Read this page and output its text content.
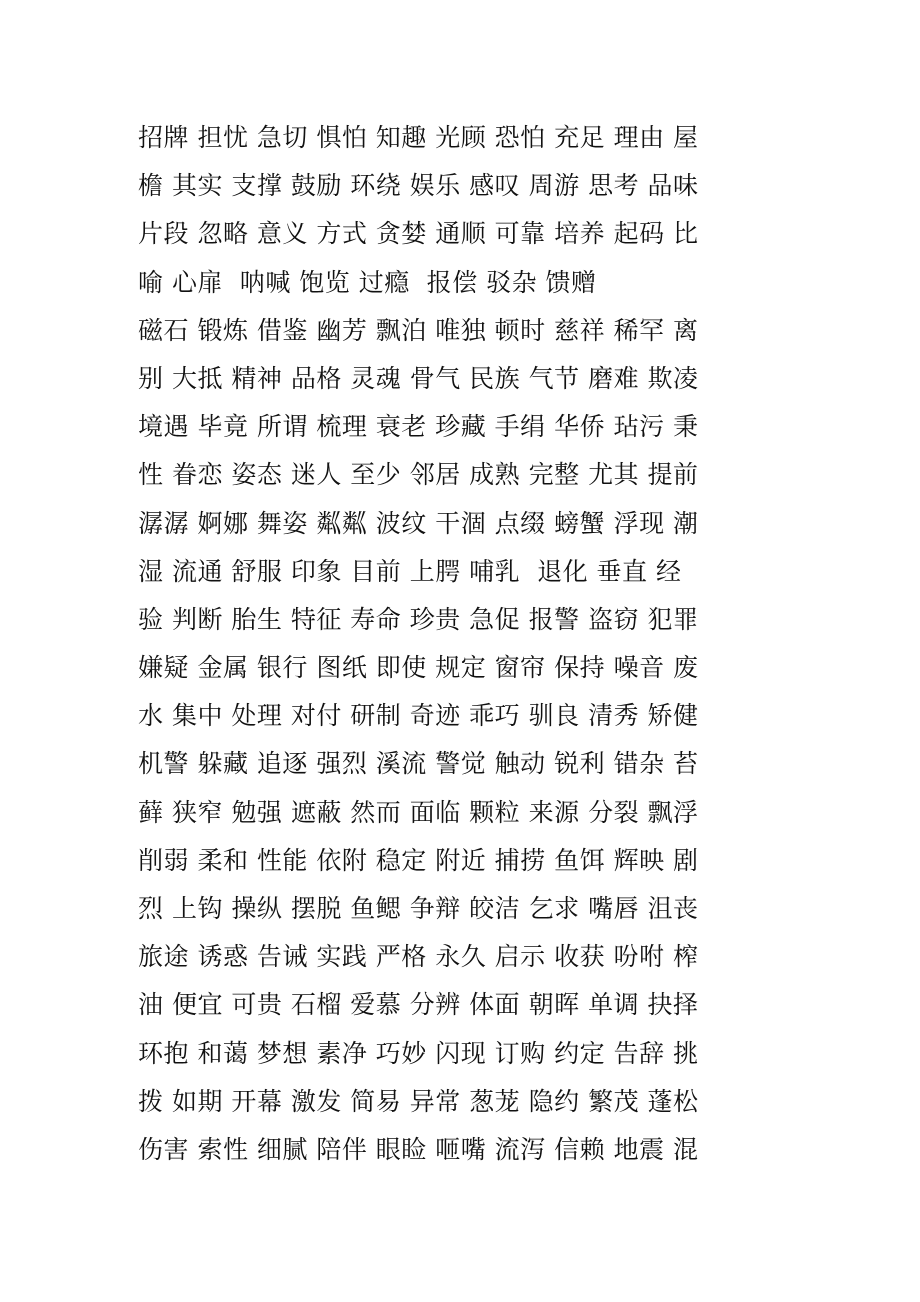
招牌 担忧 急切 惧怕 知趣 光顾 恐怕 充足 理由 屋
檐 其实 支撑 鼓励 环绕 娱乐 感叹 周游 思考 品味
片段 忽略 意义 方式 贪婪 通顺 可靠 培养 起码 比
喻 心扉  呐喊 饱览 过瘾  报偿 驳杂 馈赠
磁石 锻炼 借鉴 幽芳 飘泊 唯独 顿时 慈祥 稀罕 离
别 大抵 精神 品格 灵魂 骨气 民族 气节 磨难 欺凌
境遇 毕竟 所谓 梳理 衰老 珍藏 手绢 华侨 玷污 秉
性 眷恋 姿态 迷人 至少 邻居 成熟 完整 尤其 提前
潺潺 婀娜 舞姿 粼粼 波纹 干涸 点缀 螃蟹 浮现 潮
湿 流通 舒服 印象 目前 上腭 哺乳  退化 垂直 经
验 判断 胎生 特征 寿命 珍贵 急促 报警 盗窃 犯罪
嫌疑 金属 银行 图纸 即使 规定 窗帘 保持 噪音 废
水 集中 处理 对付 研制 奇迹 乖巧 驯良 清秀 矫健
机警 躲藏 追逐 强烈 溪流 警觉 触动 锐利 错杂 苔
藓 狭窄 勉强 遮蔽 然而 面临 颗粒 来源 分裂 飘浮
削弱 柔和 性能 依附 稳定 附近 捕捞 鱼饵 辉映 剧
烈 上钩 操纵 摆脱 鱼鳃 争辩 皎洁 乞求 嘴唇 沮丧
旅途 诱惑 告诫 实践 严格 永久 启示 收获 吩咐 榨
油 便宜 可贵 石榴 爱慕 分辨 体面 朝晖 单调 抉择
环抱 和蔼 梦想 素净 巧妙 闪现 订购 约定 告辞 挑
拨 如期 开幕 激发 简易 异常 葱茏 隐约 繁茂 蓬松
伤害 索性 细腻 陪伴 眼睑 咂嘴 流泻 信赖 地震 混
